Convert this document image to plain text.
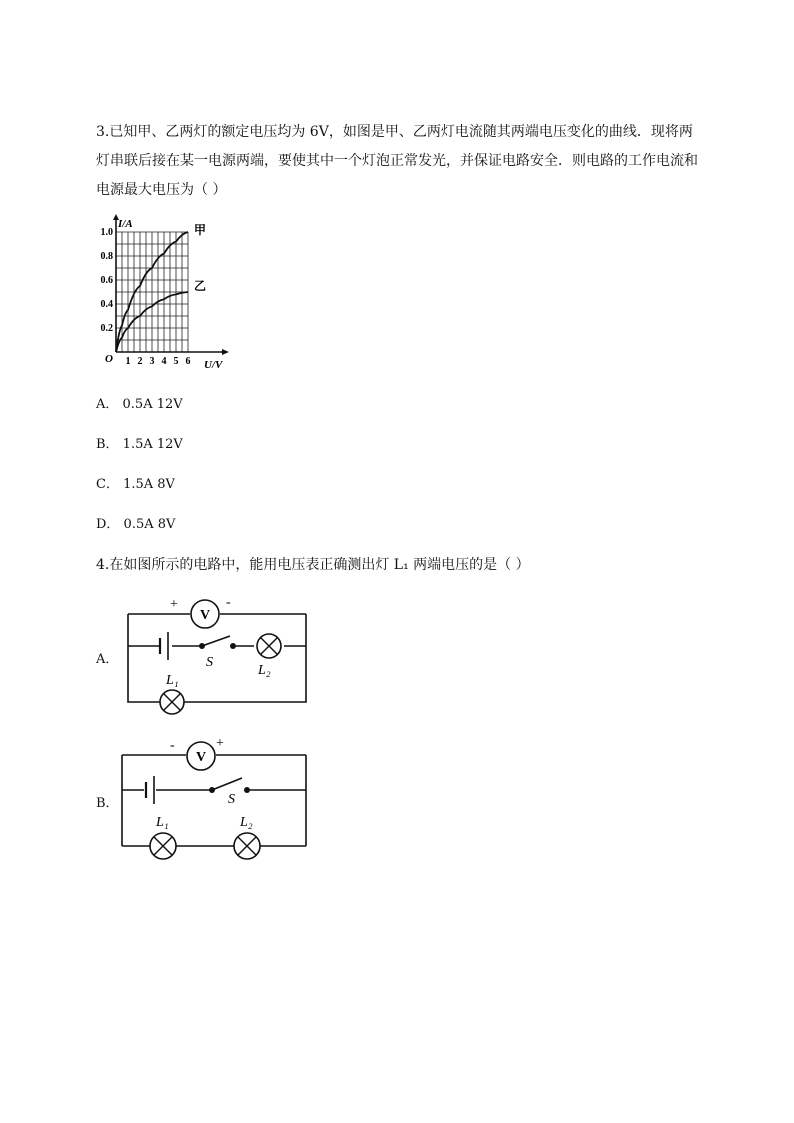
3.已知甲、乙两灯的额定电压均为 6V，如图是甲、乙两灯电流随其两端电压变化的曲线．现将两灯串联后接在某一电源两端，要使其中一个灯泡正常发光，并保证电路安全．则电路的工作电流和电源最大电压为（ ）

1 2 3 4 5 6
0.2
0.4
0.6
0.8
1.0	甲
乙
I/A
U/V
O
A． 0.5A 12V
B． 1.5A 12V
C． 1.5A 8V
D． 0.5A 8V

4.在如图所示的电路中，能用电压表正确测出灯 L₁ 两端电压的是（ ）

A．
V
+	-
S
L₂
L₁
B．
V
-	+
S
L₁	L₂
